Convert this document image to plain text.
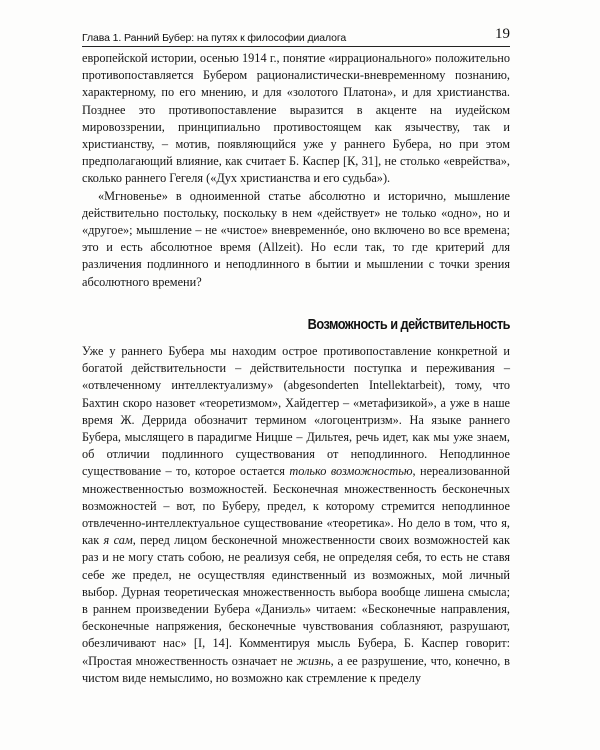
Глава 1. Ранний Бубер: на путях к философии диалога	19

европейской истории, осенью 1914 г., понятие «иррационального» положительно противопоставляется Бубером рационалистически-вневременному познанию, характерному, по его мнению, и для «золотого Платона», и для христианства. Позднее это противопоставление выразится в акценте на иудейском мировоззрении, принципиально противостоящем как язычеству, так и христианству, – мотив, появляющийся уже у раннего Бубера, но при этом предполагающий влияние, как считает Б. Каспер [К, 31], не столько «еврейства», сколько раннего Гегеля («Дух христианства и его судьба»).

«Мгновенье» в одноименной статье абсолютно и исторично, мышление действительно постольку, поскольку в нем «действует» не только «одно», но и «другое»; мышление – не «чистое» вневременнóе, оно включено во все времена; это и есть абсолютное время (Allzeit). Но если так, то где критерий для различения подлинного и неподлинного в бытии и мышлении с точки зрения абсолютного времени?

Возможность и действительность

Уже у раннего Бубера мы находим острое противопоставление конкретной и богатой действительности – действительности поступка и переживания – «отвлеченному интеллектуализму» (abgesonderten Intellektarbeit), тому, что Бахтин скоро назовет «теоретизмом», Хайдеггер – «метафизикой», а уже в наше время Ж. Деррида обозначит термином «логоцентризм». На языке раннего Бубера, мыслящего в парадигме Ницше – Дильтея, речь идет, как мы уже знаем, об отличии подлинного существования от неподлинного. Неподлинное существование – то, которое остается только возможностью, нереализованной множественностью возможностей. Бесконечная множественность бесконечных возможностей – вот, по Буберу, предел, к которому стремится неподлинное отвлеченно-интеллектуальное существование «теоретика». Но дело в том, что я, как я сам, перед лицом бесконечной множественности своих возможностей как раз и не могу стать собою, не реализуя себя, не определяя себя, то есть не ставя себе же предел, не осуществляя единственный из возможных, мой личный выбор. Дурная теоретическая множественность выбора вообще лишена смысла; в раннем произведении Бубера «Даниэль» читаем: «Бесконечные направления, бесконечные напряжения, бесконечные чувствования соблазняют, разрушают, обезличивают нас» [I, 14]. Комментируя мысль Бубера, Б. Каспер говорит: «Простая множественность означает не жизнь, а ее разрушение, что, конечно, в чистом виде немыслимо, но возможно как стремление к пределу
